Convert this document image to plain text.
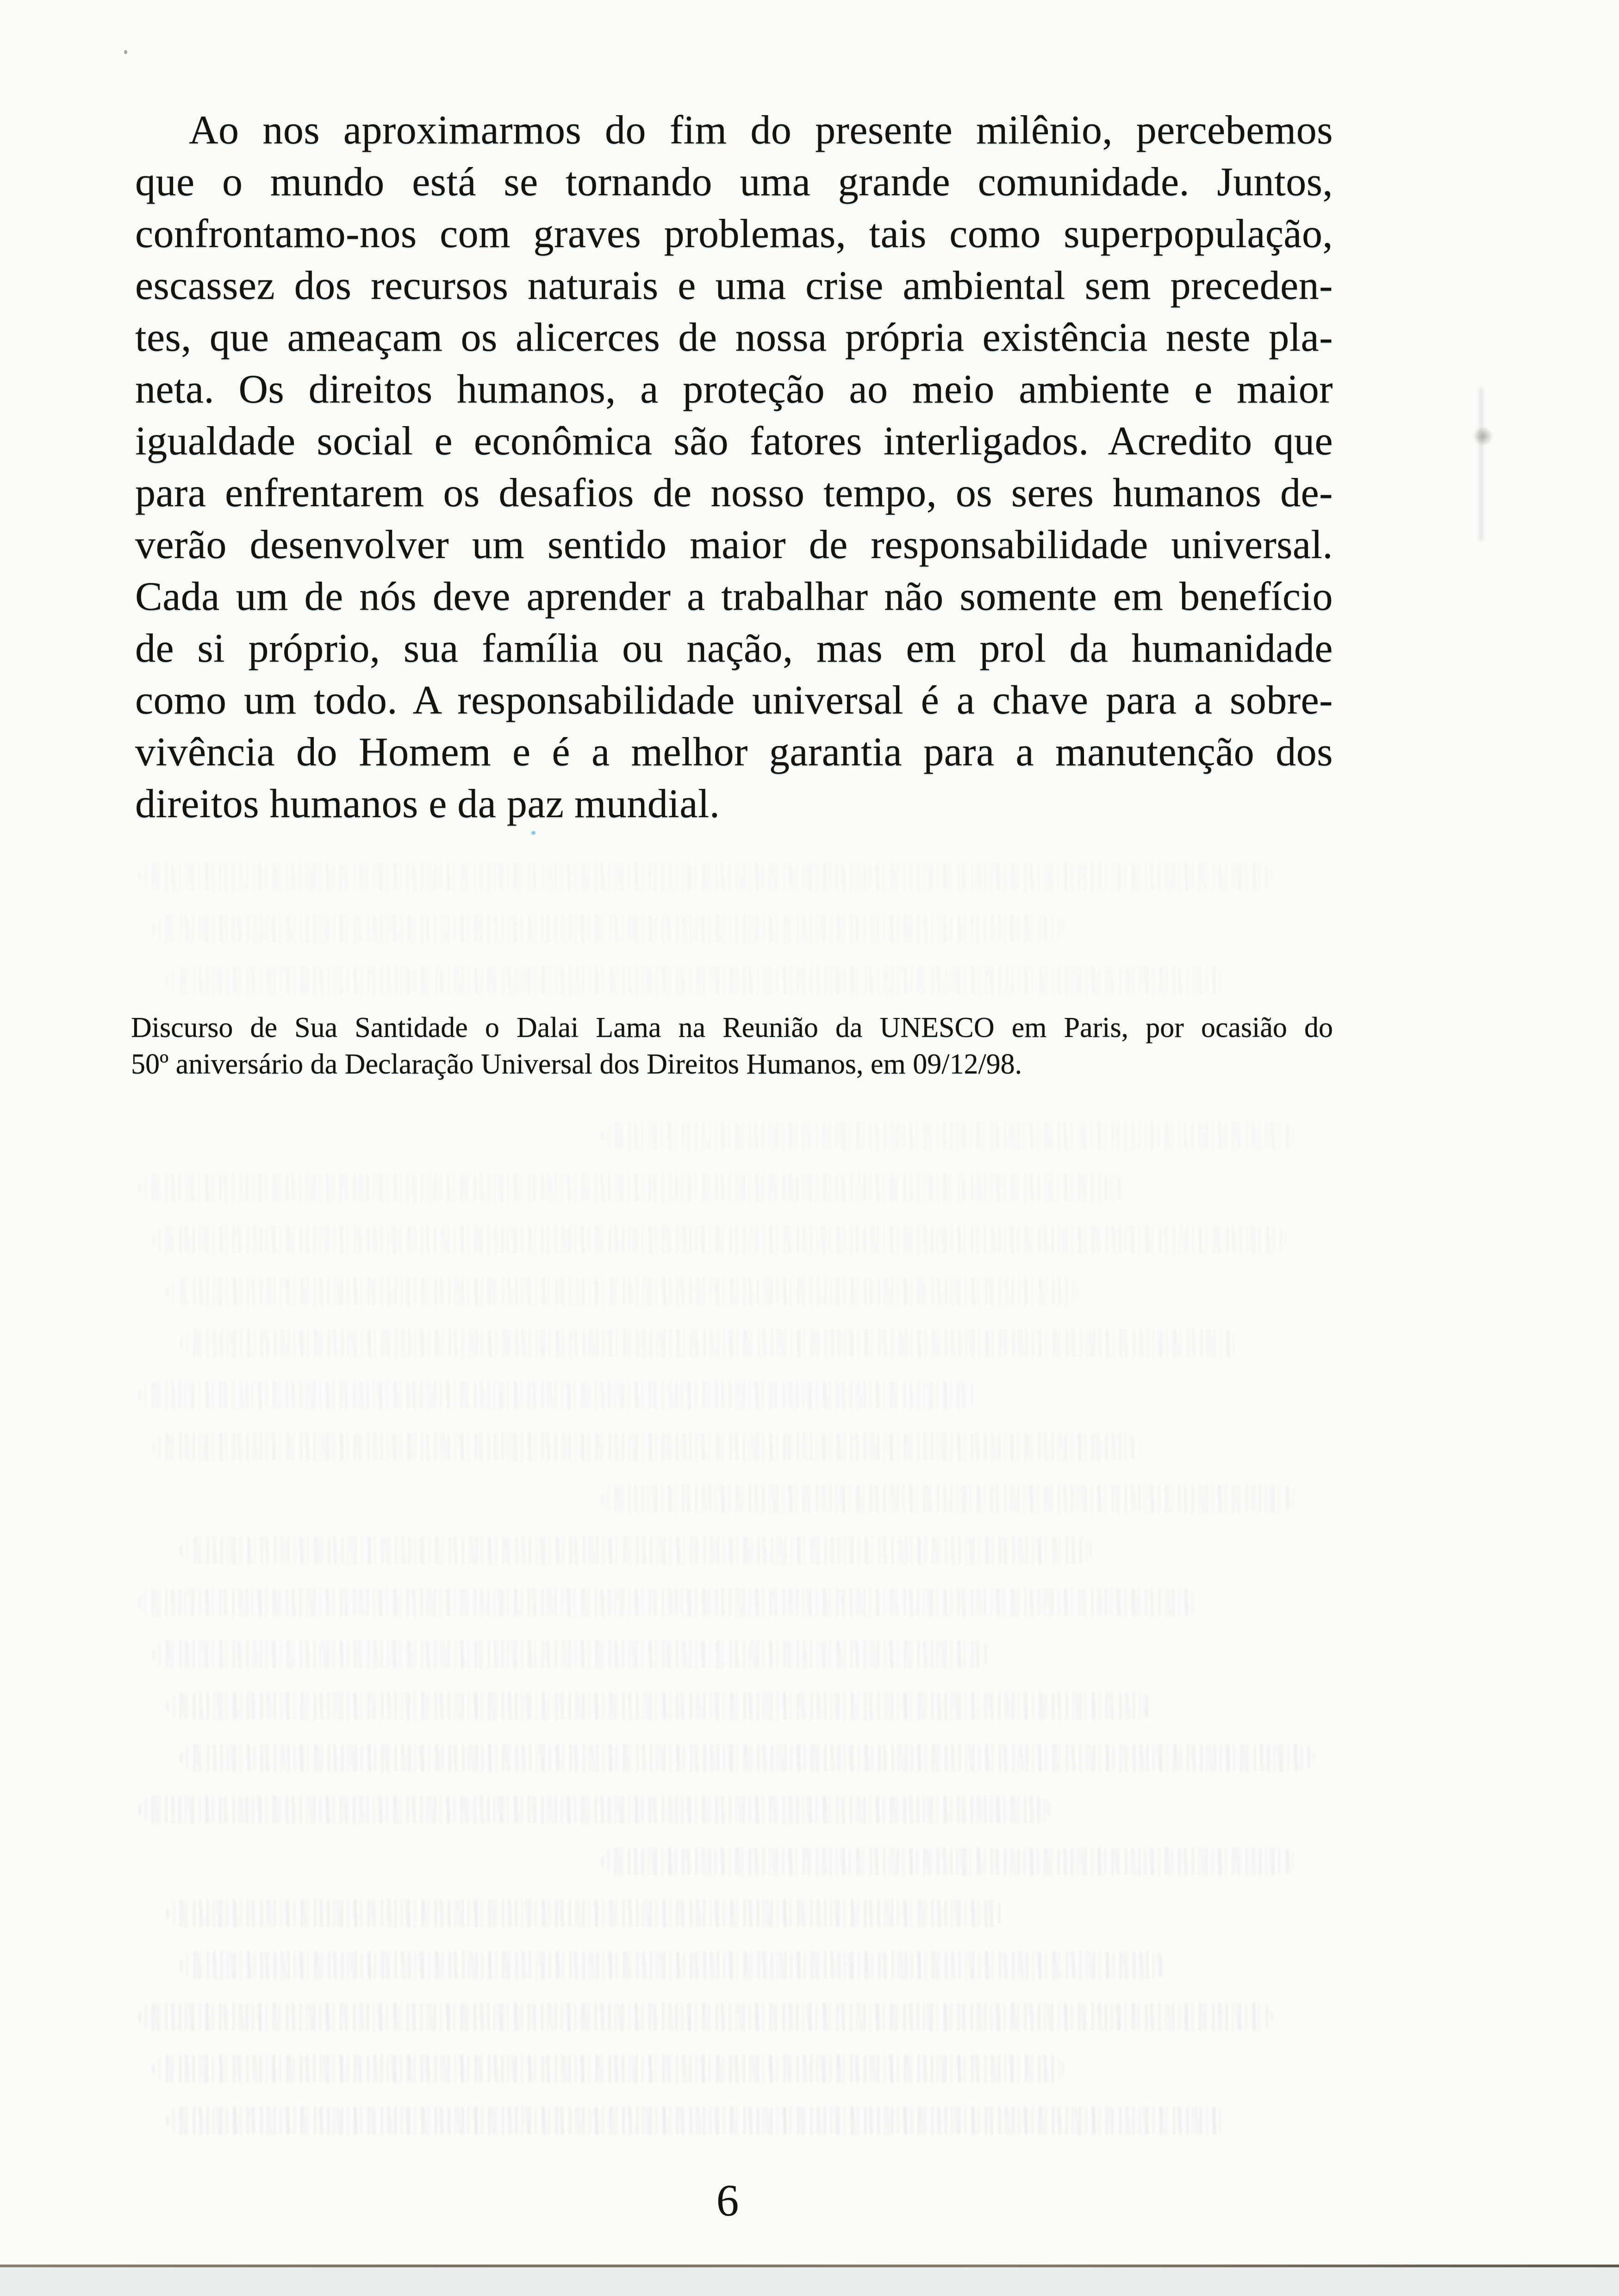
Ao nos aproximarmos do fim do presente milênio, percebemos
que o mundo está se tornando uma grande comunidade. Juntos,
confrontamo-nos com graves problemas, tais como superpopulação,
escassez dos recursos naturais e uma crise ambiental sem preceden-
tes, que ameaçam os alicerces de nossa própria existência neste pla-
neta. Os direitos humanos, a proteção ao meio ambiente e maior
igualdade social e econômica são fatores interligados. Acredito que
para enfrentarem os desafios de nosso tempo, os seres humanos de-
verão desenvolver um sentido maior de responsabilidade universal.
Cada um de nós deve aprender a trabalhar não somente em benefício
de si próprio, sua família ou nação, mas em prol da humanidade
como um todo. A responsabilidade universal é a chave para a sobre-
vivência do Homem e é a melhor garantia para a manutenção dos
direitos humanos e da paz mundial.
Discurso de Sua Santidade o Dalai Lama na Reunião da UNESCO em Paris, por ocasião do
50º aniversário da Declaração Universal dos Direitos Humanos, em 09/12/98.
6
